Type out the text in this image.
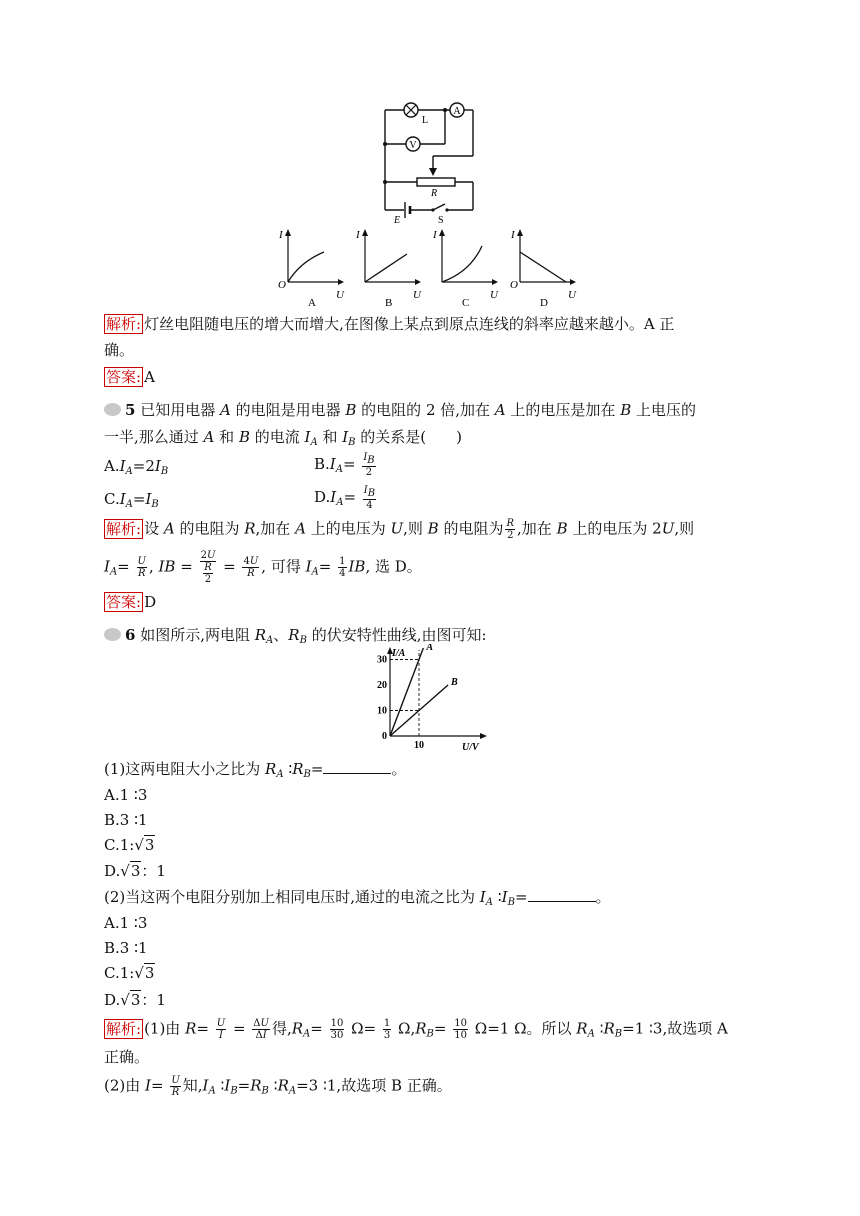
A
V
L
R
E	S
I
O
U
A
I
U
B
I
U
C
I
O
U
D
解析: 灯丝电阻随电压的增大而增大,在图像上某点到原点连线的斜率应越来越小。A 正
确。
答案: A
5 已知用电器 A 的电阻是用电器 B 的电阻的 2 倍,加在 A 上的电压是加在 B 上电压的
一半,那么通过 A 和 B 的电流 $I_A$ 和 $I_B$ 的关系是(　　)
$A.I_A=2I_B$	$B.I_A= \frac{I_B}{2}$
$C.I_A=I_B$	$D.I_A= \frac{I_B}{4}$
解析: 设 A 的电阻为 R,加在 A 上的电压为 U,则 B 的电阻为 $\frac{R}{2}$ ,加在 B 上的电压为 2U,则
$I_A= \frac{U}{R}$ , IB = $\frac{2U}{\frac{R}{2}} = \frac{4U}{R}$ , 可得 $I_A= \frac{1}{4}$ IB, 选 D。
答案: D
6 如图所示,两电阻 $R_A$、$R_B$ 的伏安特性曲线,由图可知:
I/A
U/V
10
20
30
0
10
A
B
(1)这两电阻大小之比为 $R_A$ $∶R_B=$	。
A.1 ∶3
B.3 ∶1
C.1:√3
D.√3：1
(2)当这两个电阻分别加上相同电压时,通过的电流之比为 $I_A$ $∶I_B=$	。
A.1 ∶3
B.3 ∶1
C.1:√3
D.√3：1
解析: (1)由 $R= \frac{U}{I} = \frac{\Delta U}{\Delta I}$ 得$,R_A= \frac{10}{30} \Omega= \frac{1}{3} \Omega,R_B= \frac{10}{10} \Omega=1$ Ω。所以 $R_A$ $∶R_B=1$ ∶3,故选项 A
正确。
(2)由 $I= \frac{U}{R}$ 知$,I_A$ $∶I_B=R_B$ $∶R_A=3$ ∶1,故选项 B 正确。
